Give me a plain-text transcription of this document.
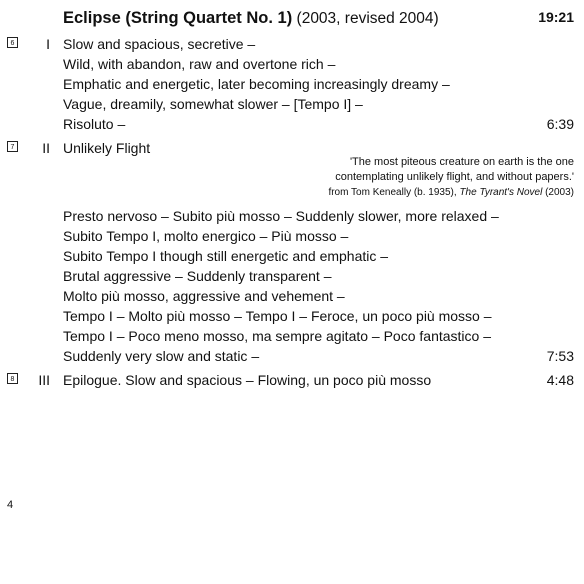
Eclipse (String Quartet No. 1) (2003, revised 2004)	19:21
6	I Slow and spacious, secretive –
Wild, with abandon, raw and overtone rich –
Emphatic and energetic, later becoming increasingly dreamy –
Vague, dreamily, somewhat slower – [Tempo I] –
Risoluto –	6:39
7	II Unlikely Flight
'The most piteous creature on earth is the one
contemplating unlikely flight, and without papers.'
from Tom Keneally (b. 1935), The Tyrant's Novel (2003)
Presto nervoso – Subito più mosso – Suddenly slower, more relaxed –
Subito Tempo I, molto energico – Più mosso –
Subito Tempo I though still energetic and emphatic –
Brutal aggressive – Suddenly transparent –
Molto più mosso, aggressive and vehement –
Tempo I – Molto più mosso – Tempo I – Feroce, un poco più mosso –
Tempo I – Poco meno mosso, ma sempre agitato – Poco fantastico –
Suddenly very slow and static –	7:53
8	III Epilogue. Slow and spacious – Flowing, un poco più mosso	4:48
4
